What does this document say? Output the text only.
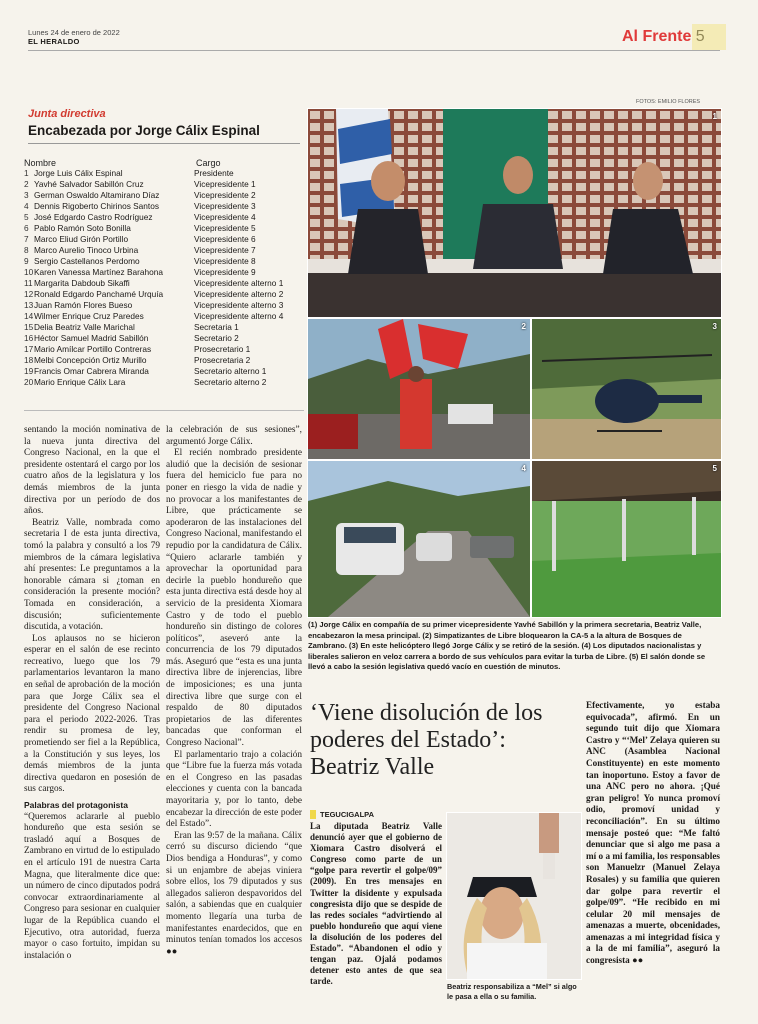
Lunes 24 de enero de 2022
EL HERALDO	Al Frente
Junta directiva
Encabezada por Jorge Cálix Espinal
Nombre	Cargo
1 Jorge Luis Cálix Espinal	Presidente
2 Yavhé Salvador Sabillón Cruz	Vicepresidente 1
3 German Oswaldo Altamirano Díaz	Vicepresidente 2
4 Dennis Rigoberto Chirinos Santos	Vicepresidente 3
5 José Edgardo Castro Rodríguez	Vicepresidente 4
6 Pablo Ramón Soto Bonilla	Vicepresidente 5
7 Marco Eliud Girón Portillo	Vicepresidente 6
8 Marco Aurelio Tinoco Urbina	Vicepresidente 7
9 Sergio Castellanos Perdomo	Vicepresidente 8
10 Karen Vanessa Martínez Barahona	Vicepresidente 9
11 Margarita Dabdoub Sikaffi	Vicepresidente alterno 1
12 Ronald Edgardo Panchamé Urquía	Vicepresidente alterno 2
13 Juan Ramón Flores Bueso	Vicepresidente alterno 3
14 Wilmer Enrique Cruz Paredes	Vicepresidente alterno 4
15 Delia Beatriz Valle Marichal	Secretaria 1
16 Héctor Samuel Madrid Sabillón	Secretario 2
17 Mario Amílcar Portillo Contreras	Prosecretario 1
18 Melbi Concepción Ortiz Murillo	Prosecretaria 2
19 Francis Omar Cabrera Miranda	Secretario alterno 1
20 Mario Enrique Cálix Lara	Secretario alterno 2
FOTOS: EMILIO FLORES
1
2	3
4	5
(1) Jorge Cálix en compañía de su primer vicepresidente Yavhé Sabillón y la primera secretaria, Beatriz Valle, encabezaron la mesa principal. (2) Simpatizantes de Libre bloquearon la CA-5 a la altura de Bosques de Zambrano. (3) En este helicóptero llegó Jorge Cálix y se retiró de la sesión. (4) Los diputados nacionalistas y liberales salieron en veloz carrera a bordo de sus vehículos para evitar la turba de Libre. (5) El salón donde se llevó a cabo la sesión legislativa quedó vacío en cuestión de minutos.

sentando la moción nominativa de la nueva junta directiva del Congreso Nacional, en la que el presidente ostentará el cargo por los cuatro años de la legislatura y los demás miembros de la junta directiva por un período de dos años.

Beatriz Valle, nombrada como secretaria I de esta junta directiva, tomó la palabra y consultó a los 79 miembros de la cámara legislativa ahí presentes: Le preguntamos a la honorable cámara si ¿toman en consideración la presente moción? Tomada en consideración, a discusión; suficientemente discutida, a votación.

Los aplausos no se hicieron esperar en el salón de ese recinto recreativo, luego que los 79 parlamentarios levantaron la mano en señal de aprobación de la moción para que Jorge Cálix sea el presidente del Congreso Nacional para el periodo 2022-2026. Tras rendir su promesa de ley, prometiendo ser fiel a la República, a la Constitución y sus leyes, los demás miembros de la junta directiva quedaron en posesión de sus cargos.

Palabras del protagonista

“Queremos aclararle al pueblo hondureño que esta sesión se trasladó aquí a Bosques de Zambrano en virtud de lo estipulado en el artículo 191 de nuestra Carta Magna, que literalmente dice que: un número de cinco diputados podrá convocar extraordinariamente al Congreso para sesionar en cualquier lugar de la República cuando el Ejecutivo, otra autoridad, fuerza mayor o caso fortuito, impidan su instalación o

la celebración de sus sesiones”, argumentó Jorge Cálix.

El recién nombrado presidente aludió que la decisión de sesionar fuera del hemiciclo fue para no poner en riesgo la vida de nadie y no provocar a los manifestantes de Libre, que prácticamente se apoderaron de las instalaciones del Congreso Nacional, manifestando el repudio por la candidatura de Cálix. “Quiero aclararle también y aprovechar la oportunidad para decirle la pueblo hondureño que esta junta directiva está desde hoy al servicio de la presidenta Xiomara Castro y de todo el pueblo hondureño sin distingo de colores políticos”, aseveró ante la concurrencia de los 79 diputados más. Aseguró que “esta es una junta directiva libre de injerencias, libre de imposiciones; es una junta directiva libre que surge con el respaldo de 80 diputados propietarios de las diferentes bancadas que conforman el Congreso Nacional”.

El parlamentario trajo a colación que “Libre fue la fuerza más votada en el Congreso en las pasadas elecciones y cuenta con la bancada mayoritaria y, por lo tanto, debe encabezar la dirección de este poder del Estado”.

Eran las 9:57 de la mañana. Cálix cerró su discurso diciendo “que Dios bendiga a Honduras”, y como si un enjambre de abejas viniera sobre ellos, los 79 diputados y sus allegados salieron despavoridos del salón, a sabiendas que en cualquier momento llegaría una turba de manifestantes enardecidos, que en minutos tenían tomados los accesos ●●

‘Viene disolución de los poderes del Estado’: Beatriz Valle
TEGUCIGALPA
La diputada Beatriz Valle denunció ayer que el gobierno de Xiomara Castro disolverá el Congreso como parte de un “golpe para revertir el golpe/09” (2009). En tres mensajes en Twitter la disidente y expulsada congresista dijo que se despide de las redes sociales “advirtiendo al pueblo hondureño que aquí viene la disolución de los poderes del Estado”. “Abandonen el odio y tengan paz. Ojalá podamos detener esto antes de que sea tarde.
Beatriz responsabiliza a “Mel” si algo le pasa a ella o su familia.
Efectivamente, yo estaba equivocada”, afirmó. En un segundo tuit dijo que Xiomara Castro y “‘Mel’ Zelaya quieren su ANC (Asamblea Nacional Constituyente) en este momento tan inoportuno. Estoy a favor de una ANC pero no ahora. ¡Qué gran peligro! Yo nunca promoví odio, promoví unidad y reconciliación”. En su último mensaje posteó que: “Me faltó denunciar que si algo me pasa a mí o a mi familia, los responsables son Manuelzr (Manuel Zelaya Rosales) y su familia que quieren dar golpe para revertir el golpe/09”. “He recibido en mi celular 20 mil mensajes de amenazas a muerte, obcenidades, amenazas a mi integridad física y a la de mi familia”, aseguró la congresista ●●
